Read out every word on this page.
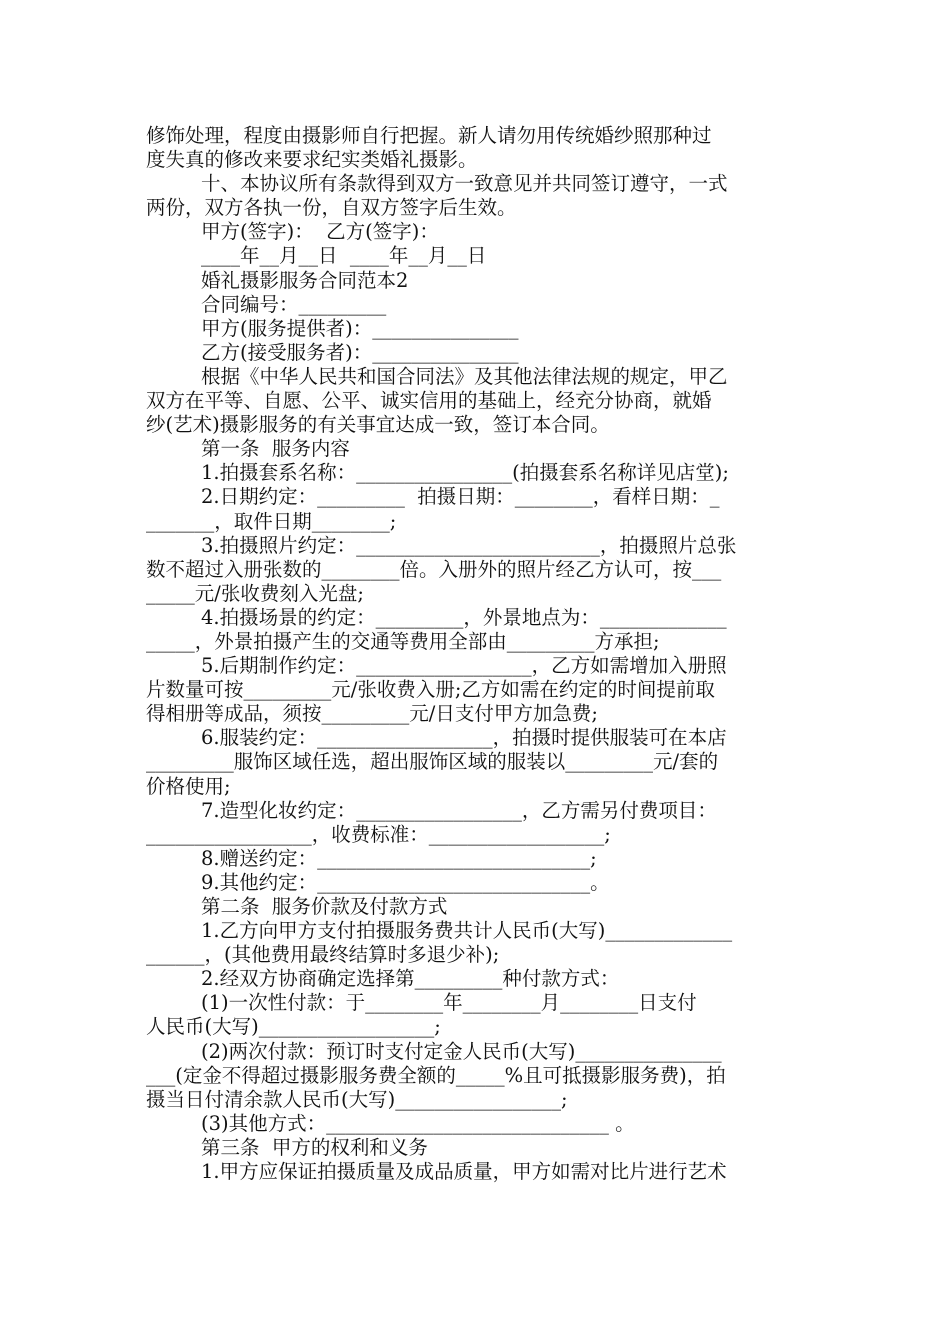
修饰处理，程度由摄影师自行把握。新人请勿用传统婚纱照那种过
度失真的修改来要求纪实类婚礼摄影。
十、本协议所有条款得到双方一致意见并共同签订遵守，一式
两份，双方各执一份，自双方签字后生效。
甲方(签字)：  乙方(签字)：
____年__月__日  ____年__月__日
婚礼摄影服务合同范本2
合同编号：_________
甲方(服务提供者)：_______________
乙方(接受服务者)：_______________
根据《中华人民共和国合同法》及其他法律法规的规定，甲乙
双方在平等、自愿、公平、诚实信用的基础上，经充分协商，就婚
纱(艺术)摄影服务的有关事宜达成一致，签订本合同。
第一条  服务内容
1.拍摄套系名称：________________(拍摄套系名称详见店堂);
2.日期约定：_________  拍摄日期：________，看样日期：_
_______，取件日期________;
3.拍摄照片约定：_________________________，拍摄照片总张
数不超过入册张数的________倍。入册外的照片经乙方认可，按___
_____元/张收费刻入光盘;
4.拍摄场景的约定：_________，外景地点为：_____________
_____，外景拍摄产生的交通等费用全部由_________方承担;
5.后期制作约定：__________________，乙方如需增加入册照
片数量可按_________元/张收费入册;乙方如需在约定的时间提前取
得相册等成品，须按_________元/日支付甲方加急费;
6.服装约定：__________________，拍摄时提供服装可在本店
_________服饰区域任选，超出服饰区域的服装以_________元/套的
价格使用;
7.造型化妆约定：_________________，乙方需另付费项目：
_________________，收费标准：__________________;
8.赠送约定：____________________________;
9.其他约定：____________________________。
第二条  服务价款及付款方式
1.乙方向甲方支付拍摄服务费共计人民币(大写)_____________
______，(其他费用最终结算时多退少补);
2.经双方协商确定选择第_________种付款方式：
(1)一次性付款：于________年________月________日支付
人民币(大写)__________________;
(2)两次付款：预订时支付定金人民币(大写)_______________
___(定金不得超过摄影服务费全额的_____%且可抵摄影服务费)，拍
摄当日付清余款人民币(大写)_________________;
(3)其他方式：_____________________________ 。
第三条  甲方的权利和义务
1.甲方应保证拍摄质量及成品质量，甲方如需对比片进行艺术
